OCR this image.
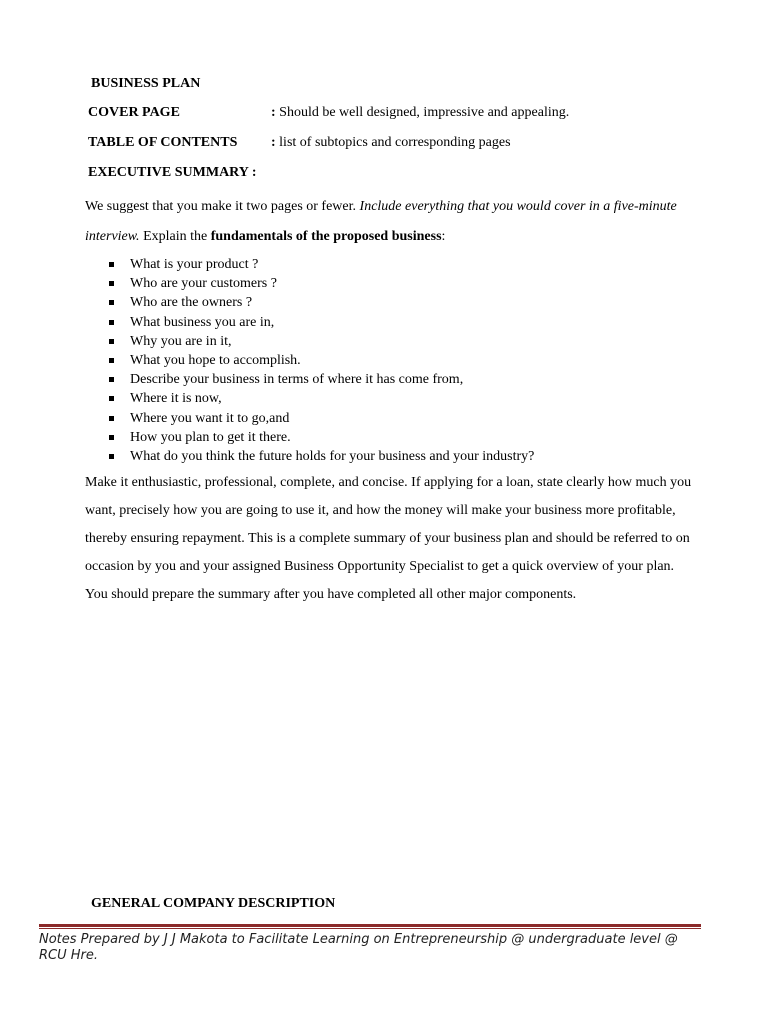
BUSINESS PLAN
COVER PAGE	: Should be well designed, impressive and appealing.
TABLE OF CONTENTS : list of subtopics and corresponding pages
EXECUTIVE SUMMARY :
We suggest that you make it two pages or fewer. Include everything that you would cover in a five-minute interview. Explain the fundamentals of the proposed business:
What is your product ?
Who are your customers ?
Who are the owners ?
What business you are in,
Why you are in it,
What you hope to accomplish.
Describe your business in terms of where it has come from,
Where it is now,
Where you want it to go,and
How you plan to get it there.
What do you think the future holds for your business and your industry?
Make it enthusiastic, professional, complete, and concise. If applying for a loan, state clearly how much you want, precisely how you are going to use it, and how the money will make your business more profitable, thereby ensuring repayment. This is a complete summary of your business plan and should be referred to on occasion by you and your assigned Business Opportunity Specialist to get a quick overview of your plan. You should prepare the summary after you have completed all other major components.
GENERAL COMPANY DESCRIPTION
Notes Prepared by J J Makota to Facilitate Learning on Entrepreneurship @ undergraduate level @ RCU Hre.
